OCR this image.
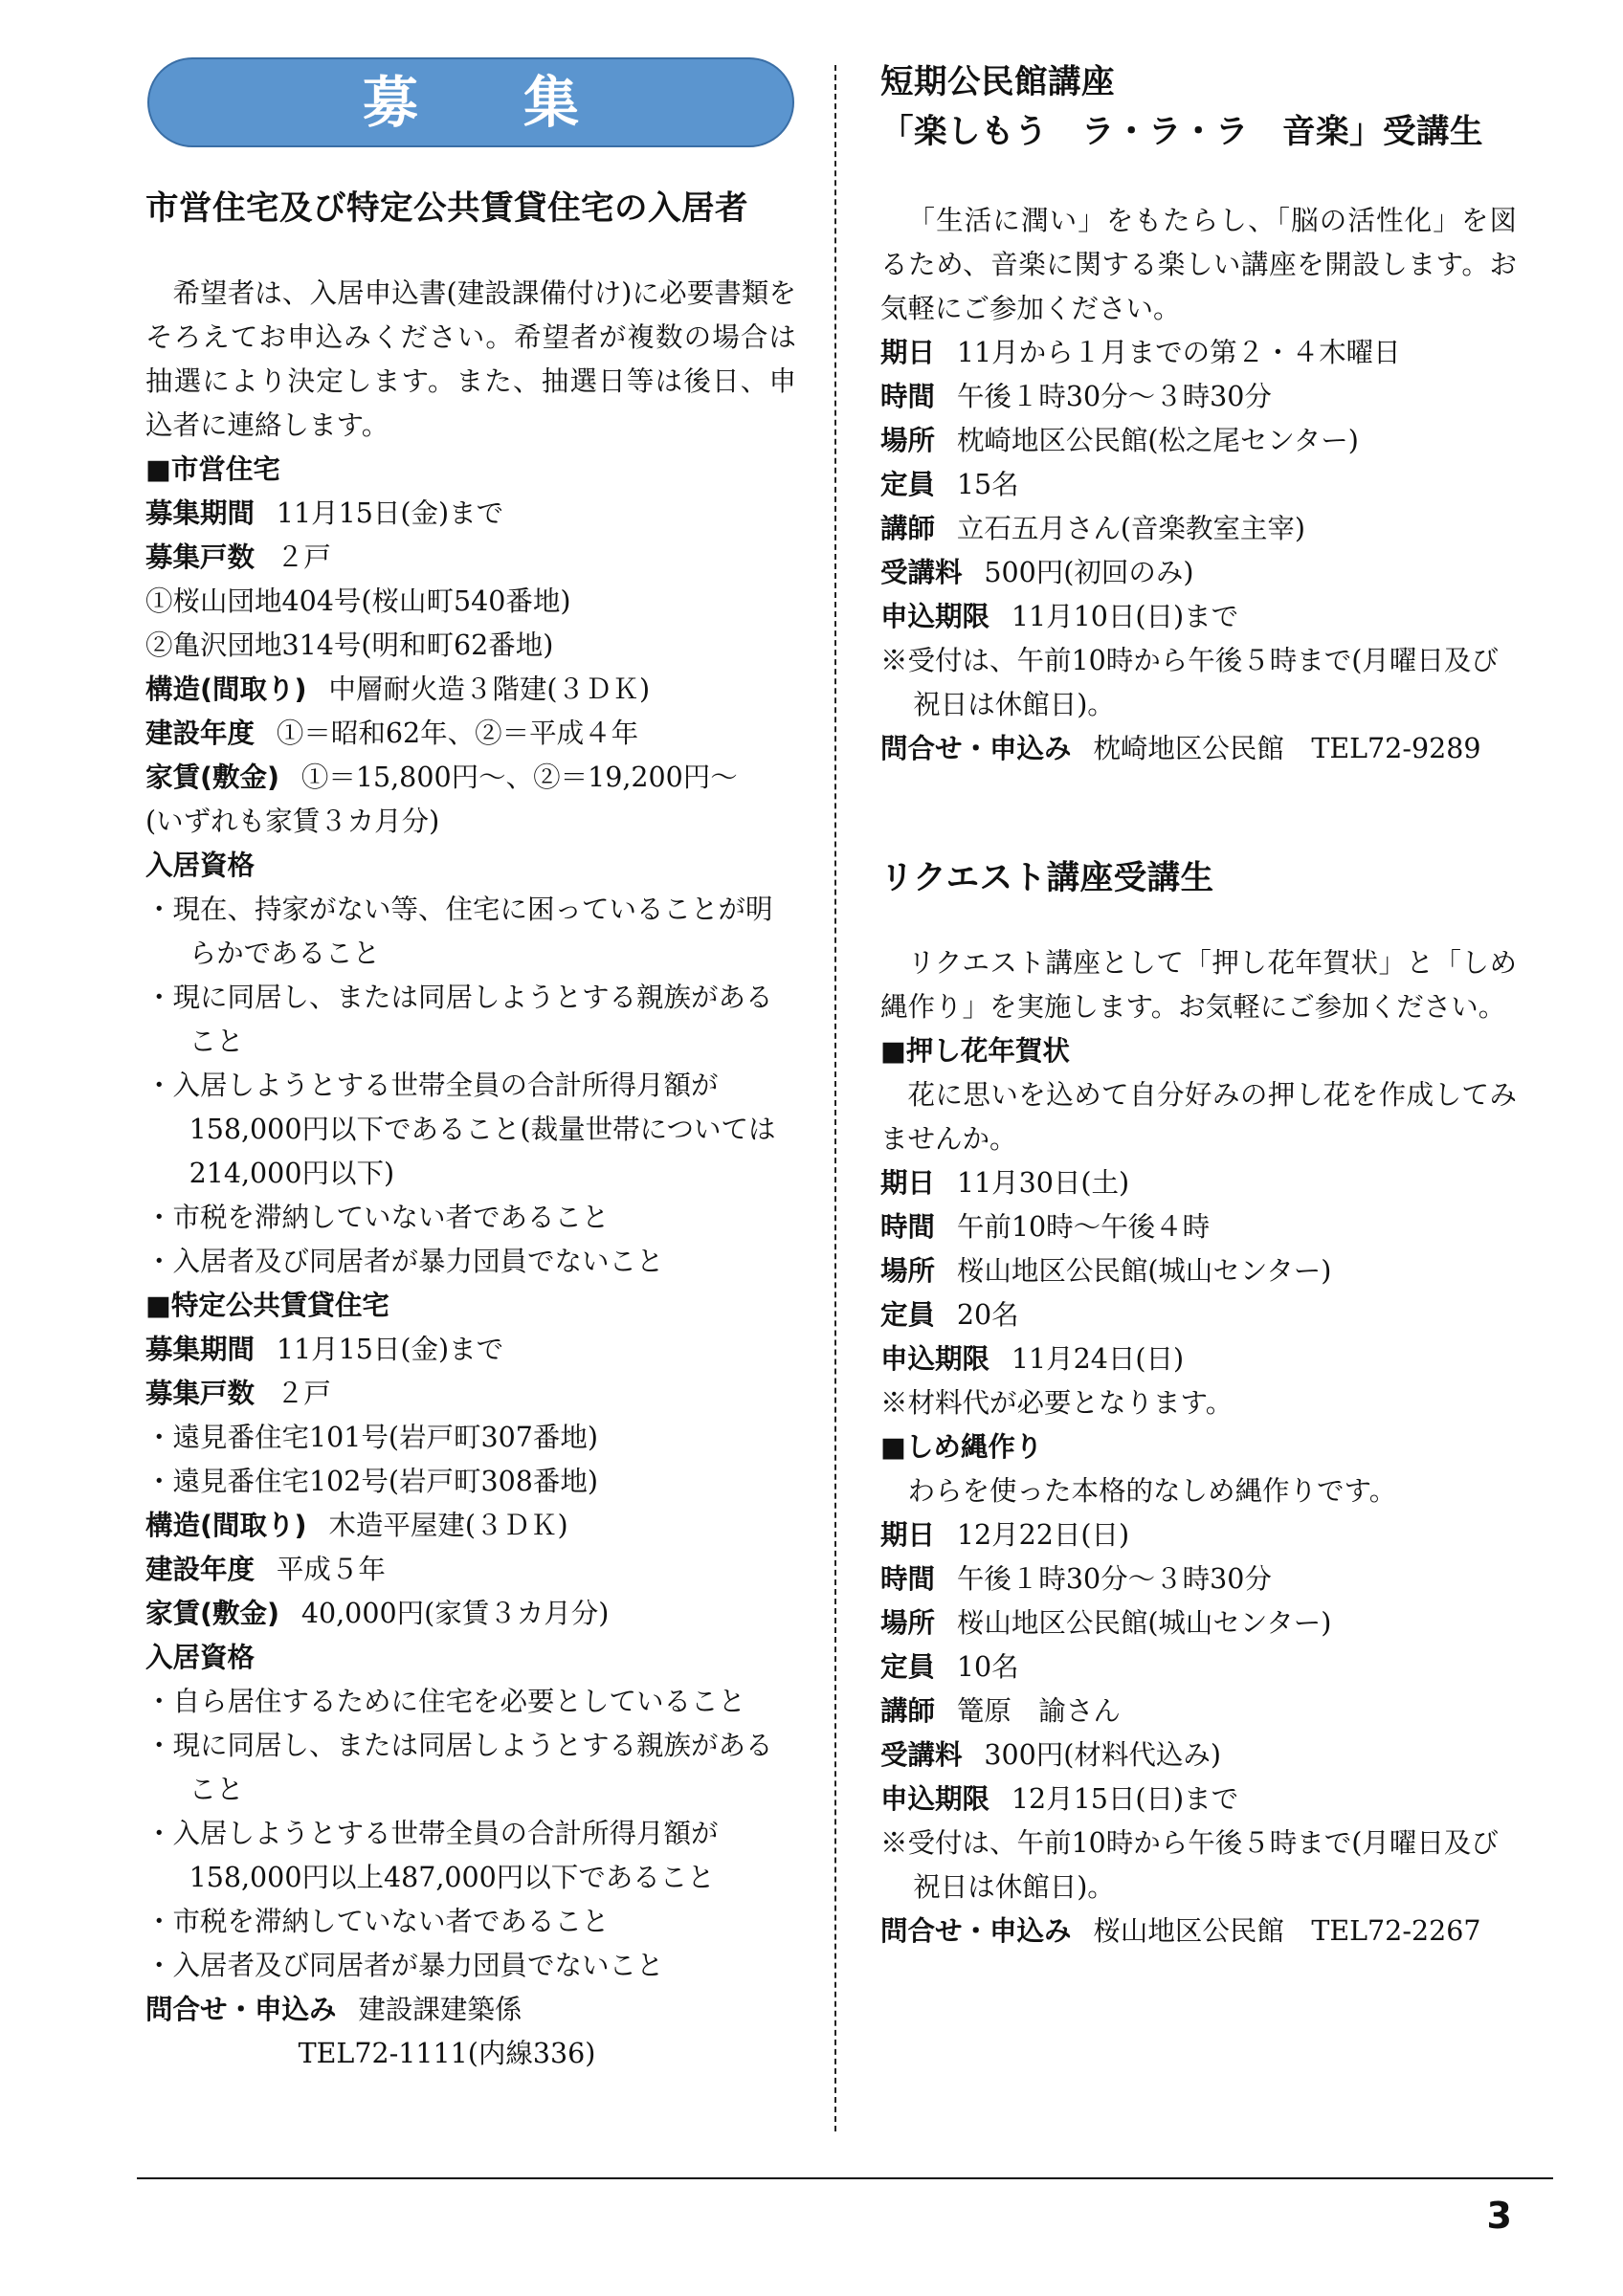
募集
市営住宅及び特定公共賃貸住宅の入居者

希望者は、入居申込書(建設課備付け)に必要書類をそろえてお申込みください。希望者が複数の場合は抽選により決定します。また、抽選日等は後日、申込者に連絡します。

■市営住宅

募集期間 11月15日(金)まで

募集戸数 ２戸

①桜山団地404号(桜山町540番地)

②亀沢団地314号(明和町62番地)

構造(間取り) 中層耐火造３階建(３ＤＫ)

建設年度 ①＝昭和62年、②＝平成４年

家賃(敷金) ①＝15,800円～、②＝19,200円～

(いずれも家賃３カ月分)

入居資格

・現在、持家がない等、住宅に困っていることが明らかであること

・現に同居し、または同居しようとする親族があること

・入居しようとする世帯全員の合計所得月額が158,000円以下であること(裁量世帯については214,000円以下)

・市税を滞納していない者であること

・入居者及び同居者が暴力団員でないこと

■特定公共賃貸住宅

募集期間 11月15日(金)まで

募集戸数 ２戸

・遠見番住宅101号(岩戸町307番地)

・遠見番住宅102号(岩戸町308番地)

構造(間取り) 木造平屋建(３ＤＫ)

建設年度 平成５年

家賃(敷金) 40,000円(家賃３カ月分)

入居資格

・自ら居住するために住宅を必要としていること

・現に同居し、または同居しようとする親族があること

・入居しようとする世帯全員の合計所得月額が158,000円以上487,000円以下であること

・市税を滞納していない者であること

・入居者及び同居者が暴力団員でないこと

問合せ・申込み 建設課建築係

TEL72-1111(内線336)

短期公民館講座
「楽しもう　ラ・ラ・ラ　音楽」受講生

「生活に潤い」をもたらし、「脳の活性化」を図るため、音楽に関する楽しい講座を開設します。お気軽にご参加ください。

期日 11月から１月までの第２・４木曜日

時間 午後１時30分～３時30分

場所 枕崎地区公民館(松之尾センター)

定員 15名

講師 立石五月さん(音楽教室主宰)

受講料 500円(初回のみ)

申込期限 11月10日(日)まで

※受付は、午前10時から午後５時まで(月曜日及び祝日は休館日)。

問合せ・申込み 枕崎地区公民館　TEL72-9289

リクエスト講座受講生

リクエスト講座として「押し花年賀状」と「しめ縄作り」を実施します。お気軽にご参加ください。

■押し花年賀状

花に思いを込めて自分好みの押し花を作成してみませんか。

期日 11月30日(土)

時間 午前10時～午後４時

場所 桜山地区公民館(城山センター)

定員 20名

申込期限 11月24日(日)

※材料代が必要となります。

■しめ縄作り

わらを使った本格的なしめ縄作りです。

期日 12月22日(日)

時間 午後１時30分～３時30分

場所 桜山地区公民館(城山センター)

定員 10名

講師 篭原　諭さん

受講料 300円(材料代込み)

申込期限 12月15日(日)まで

※受付は、午前10時から午後５時まで(月曜日及び祝日は休館日)。

問合せ・申込み 桜山地区公民館　TEL72-2267

3
